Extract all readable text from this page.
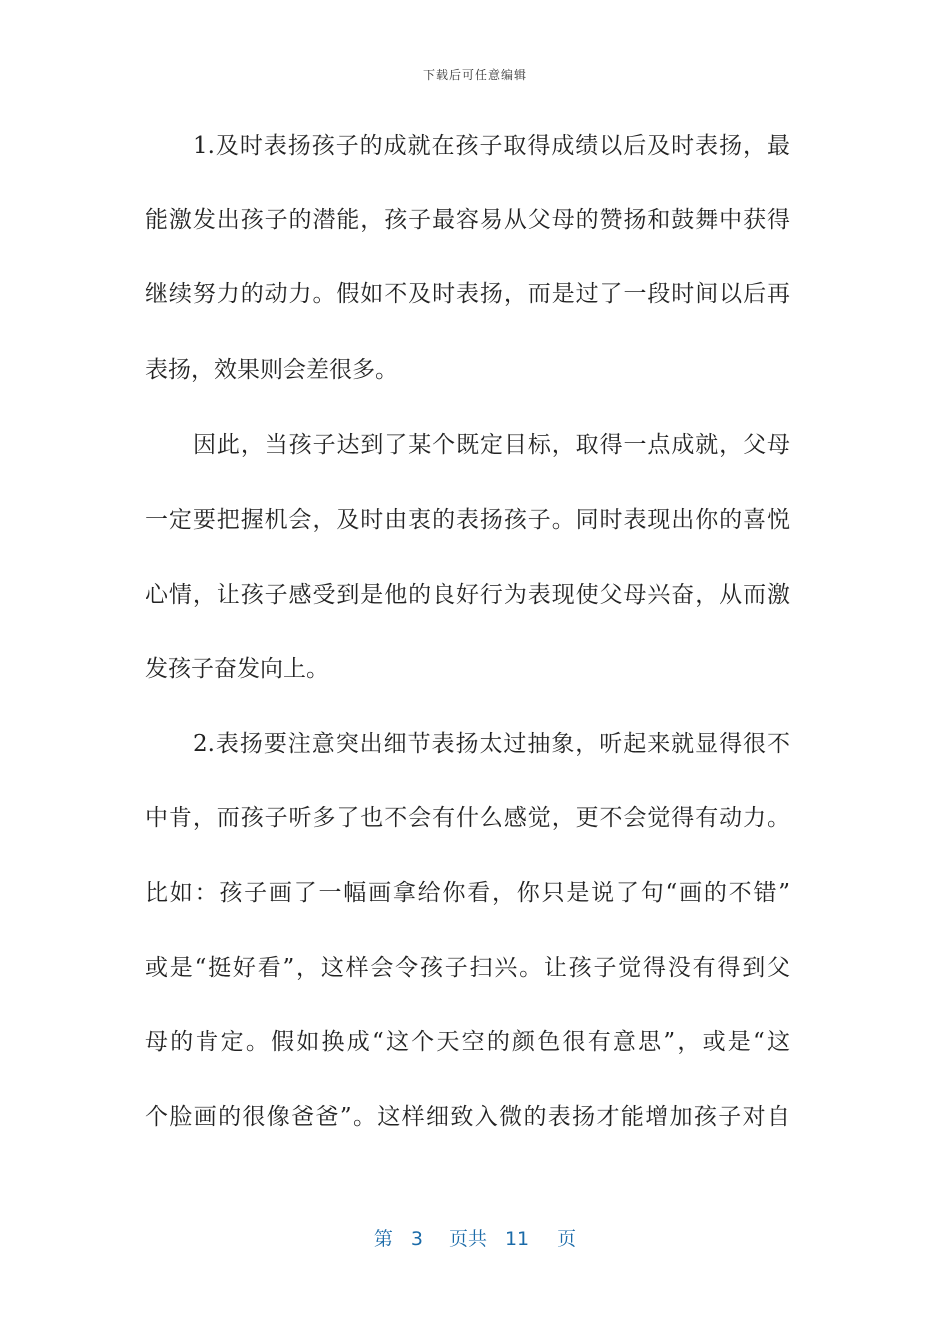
下载后可任意编辑
1.及时表扬孩子的成就在孩子取得成绩以后及时表扬，最
能激发出孩子的潜能，孩子最容易从父母的赞扬和鼓舞中获得
继续努力的动力。假如不及时表扬，而是过了一段时间以后再
表扬，效果则会差很多。
因此，当孩子达到了某个既定目标，取得一点成就，父母
一定要把握机会，及时由衷的表扬孩子。同时表现出你的喜悦
心情，让孩子感受到是他的良好行为表现使父母兴奋，从而激
发孩子奋发向上。
2.表扬要注意突出细节表扬太过抽象，听起来就显得很不
中肯，而孩子听多了也不会有什么感觉，更不会觉得有动力。
比如：孩子画了一幅画拿给你看，你只是说了句“画的不错”
或是“挺好看”，这样会令孩子扫兴。让孩子觉得没有得到父
母的肯定。假如换成“这个天空的颜色很有意思”，或是“这
个脸画的很像爸爸”。这样细致入微的表扬才能增加孩子对自
第 3 页共 11 页
